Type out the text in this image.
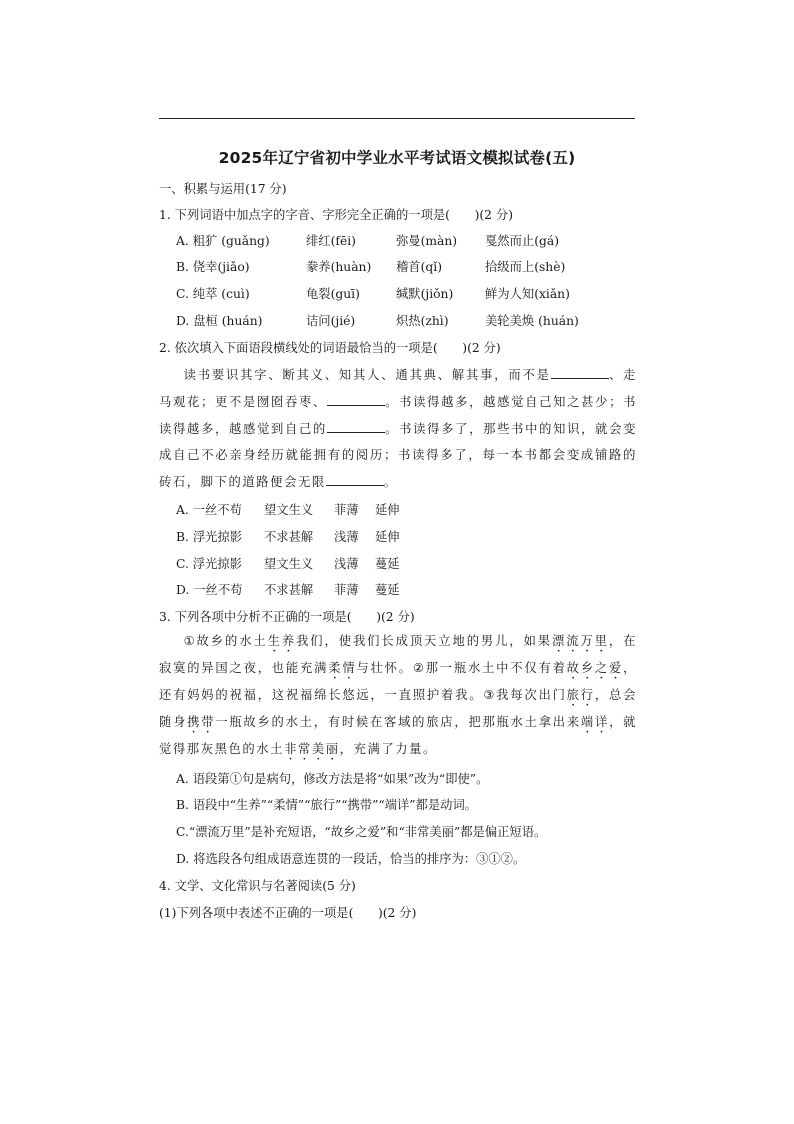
2025年辽宁省初中学业水平考试语文模拟试卷(五)
一、积累与运用(17 分)
1. 下列词语中加点字的字音、字形完全正确的一项是(　　)(2 分)
A. 粗犷 (guǎng)	绯红(fēi)	弥曼(màn) 戛然而止(gá)
B. 侥幸(jiǎo)	豢养(huàn) 稽首(qǐ)	拾级而上(shè)
C. 纯萃 (cuì)	龟裂(guī)	缄默(jiǒn)	鲜为人知(xiǎn)
D. 盘桓 (huán)	诘问(jié)	炽热(zhì)	美轮美焕 (huán)
2. 依次填入下面语段横线处的词语最恰当的一项是(　　)(2 分)

读书要识其字、断其义、知其人、通其典、解其事，而不是	、走马观花；更不是囫囵吞枣、	。书读得越多，越感觉自己知之甚少；书读得越多，越感觉到自己的	。书读得多了，那些书中的知识，就会变成自己不必亲身经历就能拥有的阅历；书读得多了，每一本书都会变成铺路的砖石，脚下的道路便会无限	。

A. 一丝不苟 望文生义 菲薄 延伸
B. 浮光掠影 不求甚解 浅薄 延伸
C. 浮光掠影 望文生义 浅薄 蔓延
D. 一丝不苟 不求甚解 菲薄 蔓延
3. 下列各项中分析不正确的一项是(　　)(2 分)

①故乡的水土生养我们，使我们长成顶天立地的男儿，如果漂流万里，在寂寞的异国之夜，也能充满柔情与壮怀。②那一瓶水土中不仅有着故乡之爱，还有妈妈的祝福，这祝福绵长悠远，一直照护着我。③我每次出门旅行，总会随身携带一瓶故乡的水土，有时候在客域的旅店，把那瓶水土拿出来端详，就觉得那灰黑色的水土非常美丽，充满了力量。

A. 语段第①句是病句，修改方法是将“如果”改为“即使”。
B. 语段中“生养”“柔情”“旅行”“携带”“端详”都是动词。
C.“漂流万里”是补充短语，“故乡之爱”和“非常美丽”都是偏正短语。
D. 将选段各句组成语意连贯的一段话，恰当的排序为：③①②。
4. 文学、文化常识与名著阅读(5 分)
(1)下列各项中表述不正确的一项是(　　)(2 分)
